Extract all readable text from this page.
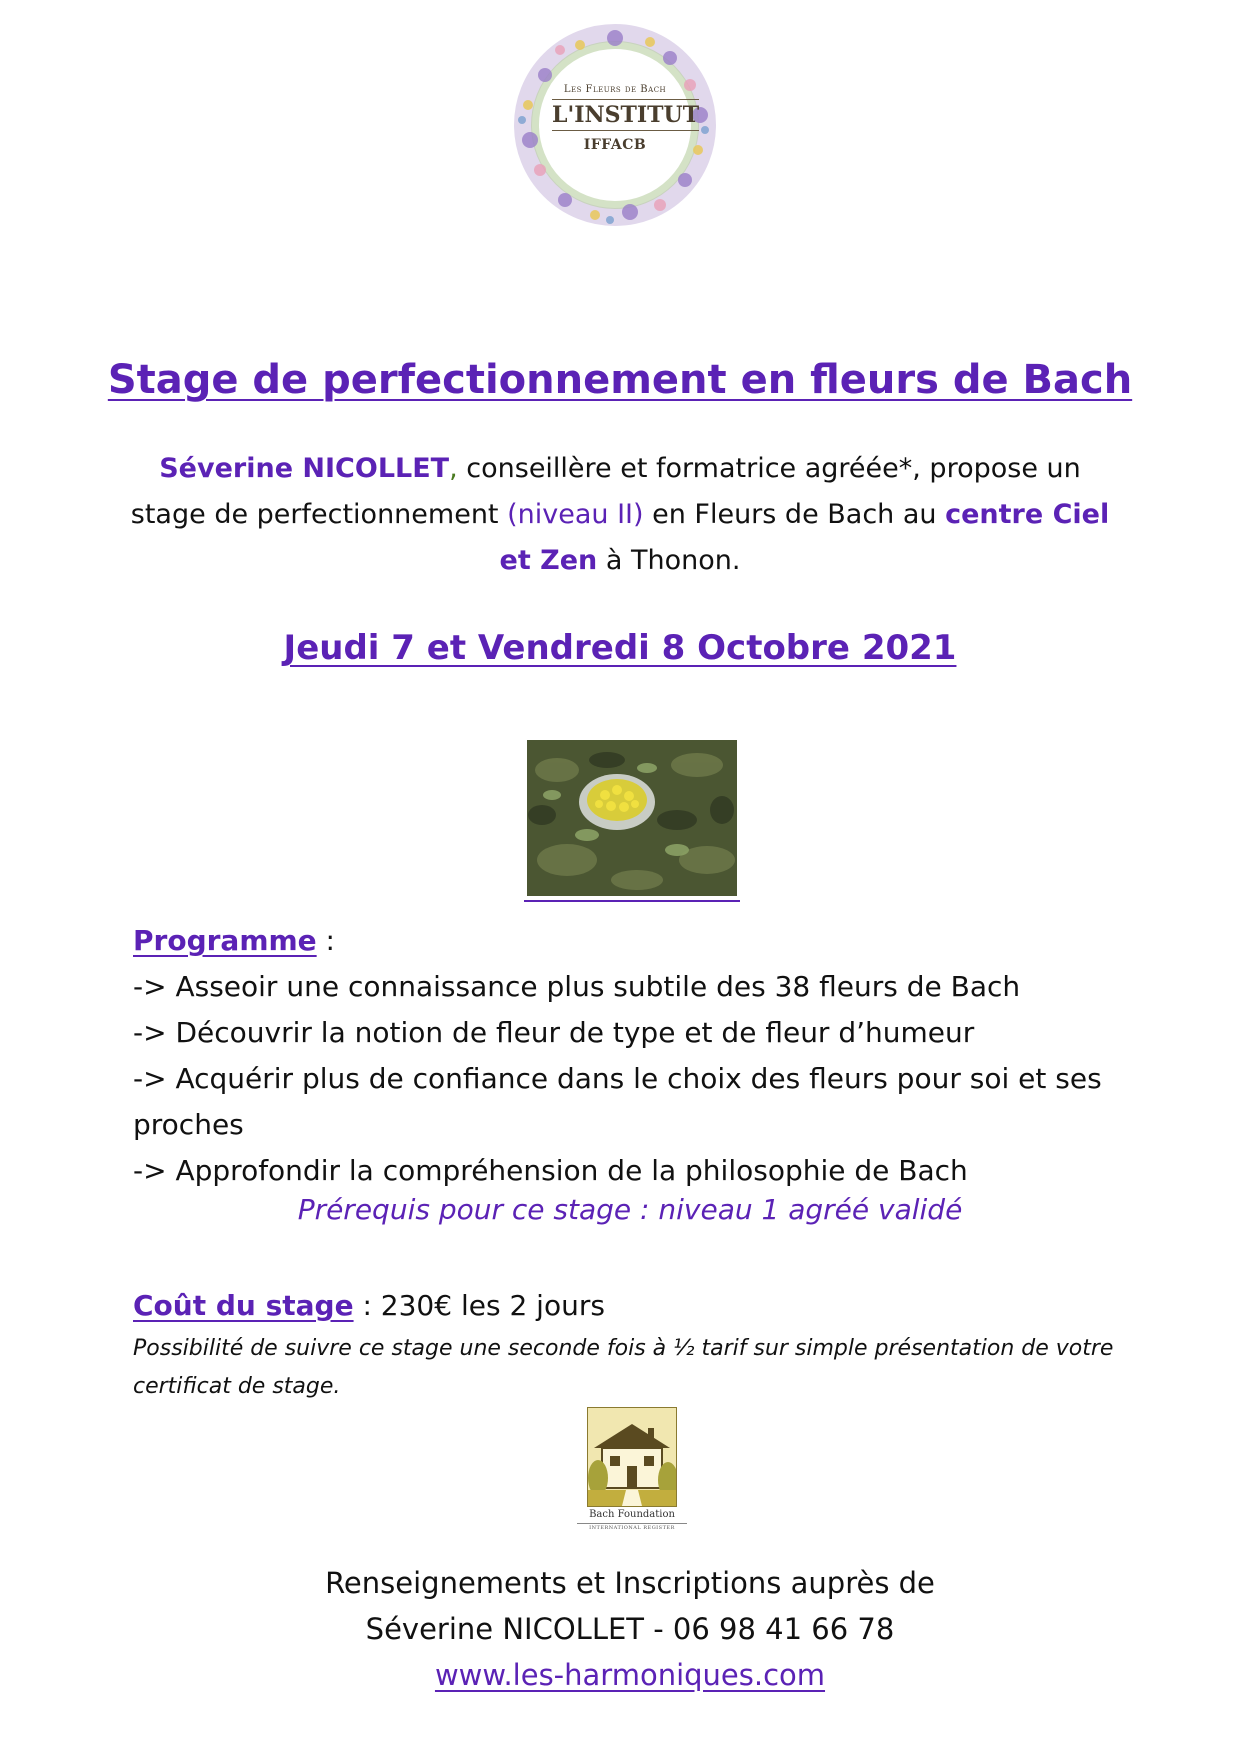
Les Fleurs de Bach
L'INSTITUT
IFFACB
Stage de perfectionnement en fleurs de Bach
Séverine NICOLLET, conseillère et formatrice agréée*, propose un stage de perfectionnement (niveau II) en Fleurs de Bach au centre Ciel et Zen à Thonon.
Jeudi 7 et Vendredi 8 Octobre 2021

Programme :

-> Asseoir une connaissance plus subtile des 38 fleurs de Bach

-> Découvrir la notion de fleur de type et de fleur d’humeur

-> Acquérir plus de confiance dans le choix des fleurs pour soi et ses proches

-> Approfondir la compréhension de la philosophie de Bach

Prérequis pour ce stage : niveau 1 agréé validé
Coût du stage : 230€ les 2 jours
Possibilité de suivre ce stage une seconde fois à ½ tarif sur simple présentation de votre certificat de stage.
Bach Foundation
INTERNATIONAL REGISTER
Renseignements et Inscriptions auprès de
Séverine NICOLLET - 06 98 41 66 78
www.les-harmoniques.com
